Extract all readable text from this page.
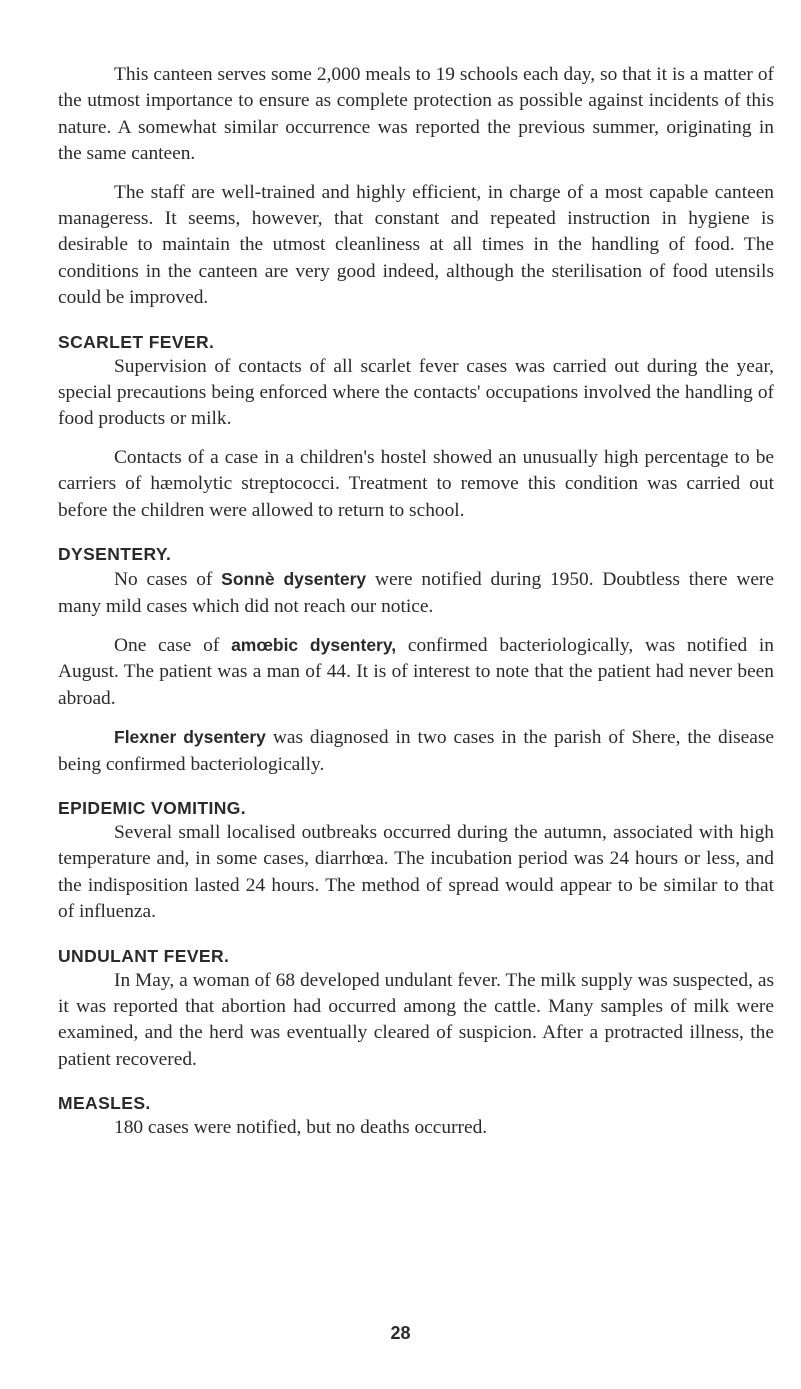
This canteen serves some 2,000 meals to 19 schools each day, so that it is a matter of the utmost importance to ensure as complete protection as possible against incidents of this nature. A somewhat similar occurrence was reported the previous summer, originating in the same canteen.

The staff are well-trained and highly efficient, in charge of a most capable canteen manageress. It seems, however, that constant and repeated instruction in hygiene is desirable to maintain the utmost cleanliness at all times in the handling of food. The conditions in the canteen are very good indeed, although the sterilisation of food utensils could be improved.

SCARLET FEVER.

Supervision of contacts of all scarlet fever cases was carried out during the year, special precautions being enforced where the contacts' occupations involved the handling of food products or milk.

Contacts of a case in a children's hostel showed an unusually high percentage to be carriers of hæmolytic streptococci. Treatment to remove this condition was carried out before the children were allowed to return to school.

DYSENTERY.

No cases of Sonnè dysentery were notified during 1950. Doubtless there were many mild cases which did not reach our notice.

One case of amœbic dysentery, confirmed bacteriologically, was notified in August. The patient was a man of 44. It is of interest to note that the patient had never been abroad.

Flexner dysentery was diagnosed in two cases in the parish of Shere, the disease being confirmed bacteriologically.

EPIDEMIC VOMITING.

Several small localised outbreaks occurred during the autumn, associated with high temperature and, in some cases, diarrhœa. The incubation period was 24 hours or less, and the indisposition lasted 24 hours. The method of spread would appear to be similar to that of influenza.

UNDULANT FEVER.

In May, a woman of 68 developed undulant fever. The milk supply was suspected, as it was reported that abortion had occurred among the cattle. Many samples of milk were examined, and the herd was eventually cleared of suspicion. After a protracted illness, the patient recovered.

MEASLES.

180 cases were notified, but no deaths occurred.

28
